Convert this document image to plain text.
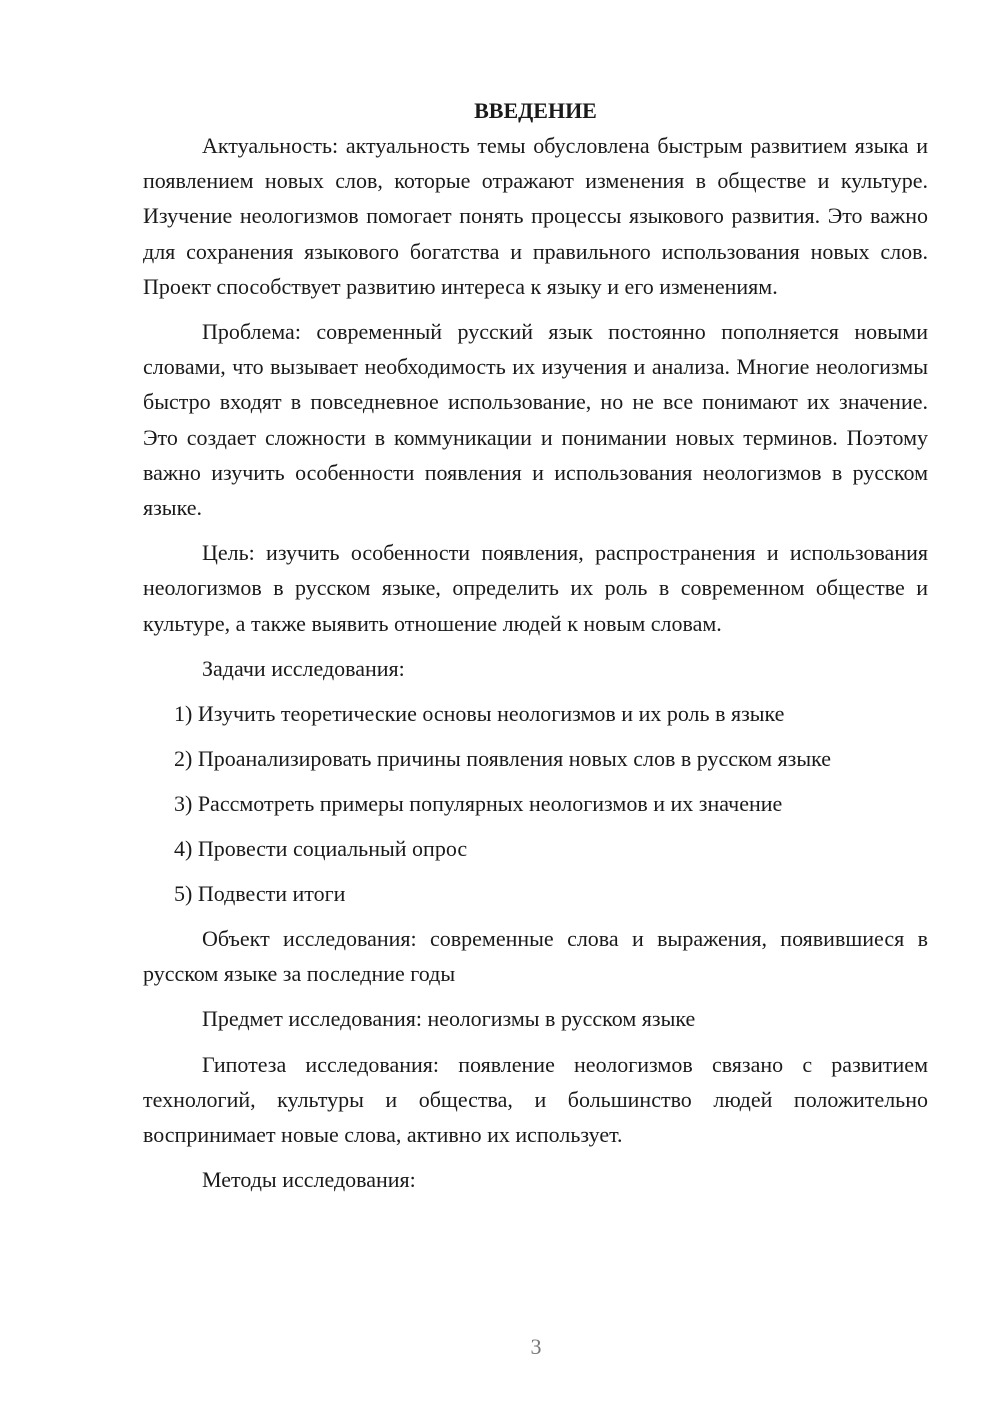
ВВЕДЕНИЕ

Актуальность: актуальность темы обусловлена быстрым развитием языка и появлением новых слов, которые отражают изменения в обществе и культуре. Изучение неологизмов помогает понять процессы языкового развития. Это важно для сохранения языкового богатства и правильного использования новых слов. Проект способствует развитию интереса к языку и его изменениям.

Проблема: современный русский язык постоянно пополняется новыми словами, что вызывает необходимость их изучения и анализа. Многие неологизмы быстро входят в повседневное использование, но не все понимают их значение. Это создает сложности в коммуникации и понимании новых терминов. Поэтому важно изучить особенности появления и использования неологизмов в русском языке.

Цель: изучить особенности появления, распространения и использования неологизмов в русском языке, определить их роль в современном обществе и культуре, а также выявить отношение людей к новым словам.

Задачи исследования:

1) Изучить теоретические основы неологизмов и их роль в языке
2) Проанализировать причины появления новых слов в русском языке
3) Рассмотреть примеры популярных неологизмов и их значение
4) Провести социальный опрос
5) Подвести итоги

Объект исследования: современные слова и выражения, появившиеся в русском языке за последние годы

Предмет исследования: неологизмы в русском языке

Гипотеза исследования: появление неологизмов связано с развитием технологий, культуры и общества, и большинство людей положительно воспринимает новые слова, активно их использует.

Методы исследования:

3
